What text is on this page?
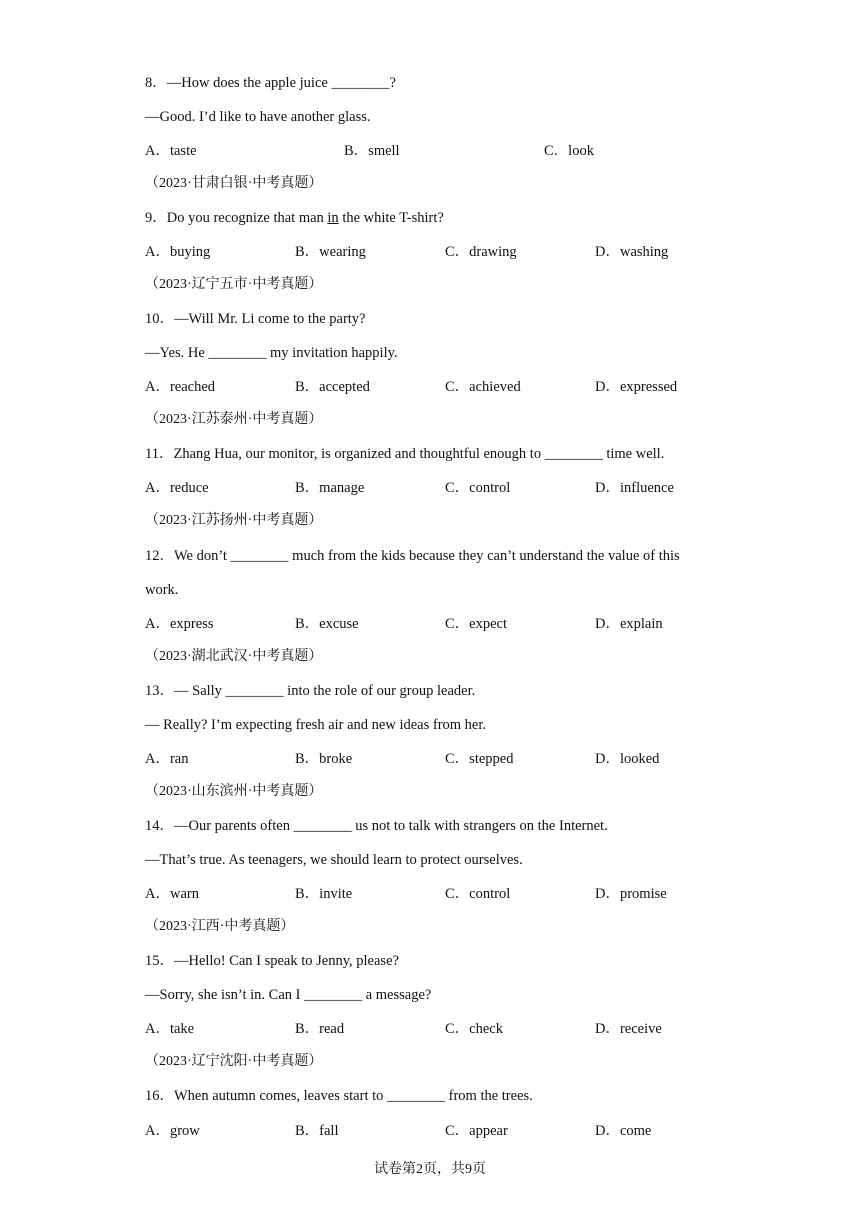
8．—How does the apple juice ________?
—Good. I’d like to have another glass.
A．taste	B．smell	C．look
（2023·甘肃白银·中考真题）
9．Do you recognize that man in the white T-shirt?
A．buying	B．wearing	C．drawing	D．washing
（2023·辽宁五市·中考真题）
10．—Will Mr. Li come to the party?
—Yes. He ________ my invitation happily.
A．reached	B．accepted	C．achieved	D．expressed
（2023·江苏泰州·中考真题）
11．Zhang Hua, our monitor, is organized and thoughtful enough to ________ time well.
A．reduce	B．manage	C．control	D．influence
（2023·江苏扬州·中考真题）
12．We don’t ________ much from the kids because they can’t understand the value of this
work.
A．express	B．excuse	C．expect	D．explain
（2023·湖北武汉·中考真题）
13．— Sally ________ into the role of our group leader.
— Really? I’m expecting fresh air and new ideas from her.
A．ran	B．broke	C．stepped	D．looked
（2023·山东滨州·中考真题）
14．—Our parents often ________ us not to talk with strangers on the Internet.
—That’s true. As teenagers, we should learn to protect ourselves.
A．warn	B．invite	C．control	D．promise
（2023·江西·中考真题）
15．—Hello! Can I speak to Jenny, please?
—Sorry, she isn’t in. Can I ________ a message?
A．take	B．read	C．check	D．receive
（2023·辽宁沈阳·中考真题）
16．When autumn comes, leaves start to ________ from the trees.
A．grow	B．fall	C．appear	D．come
试卷第2页，共9页
